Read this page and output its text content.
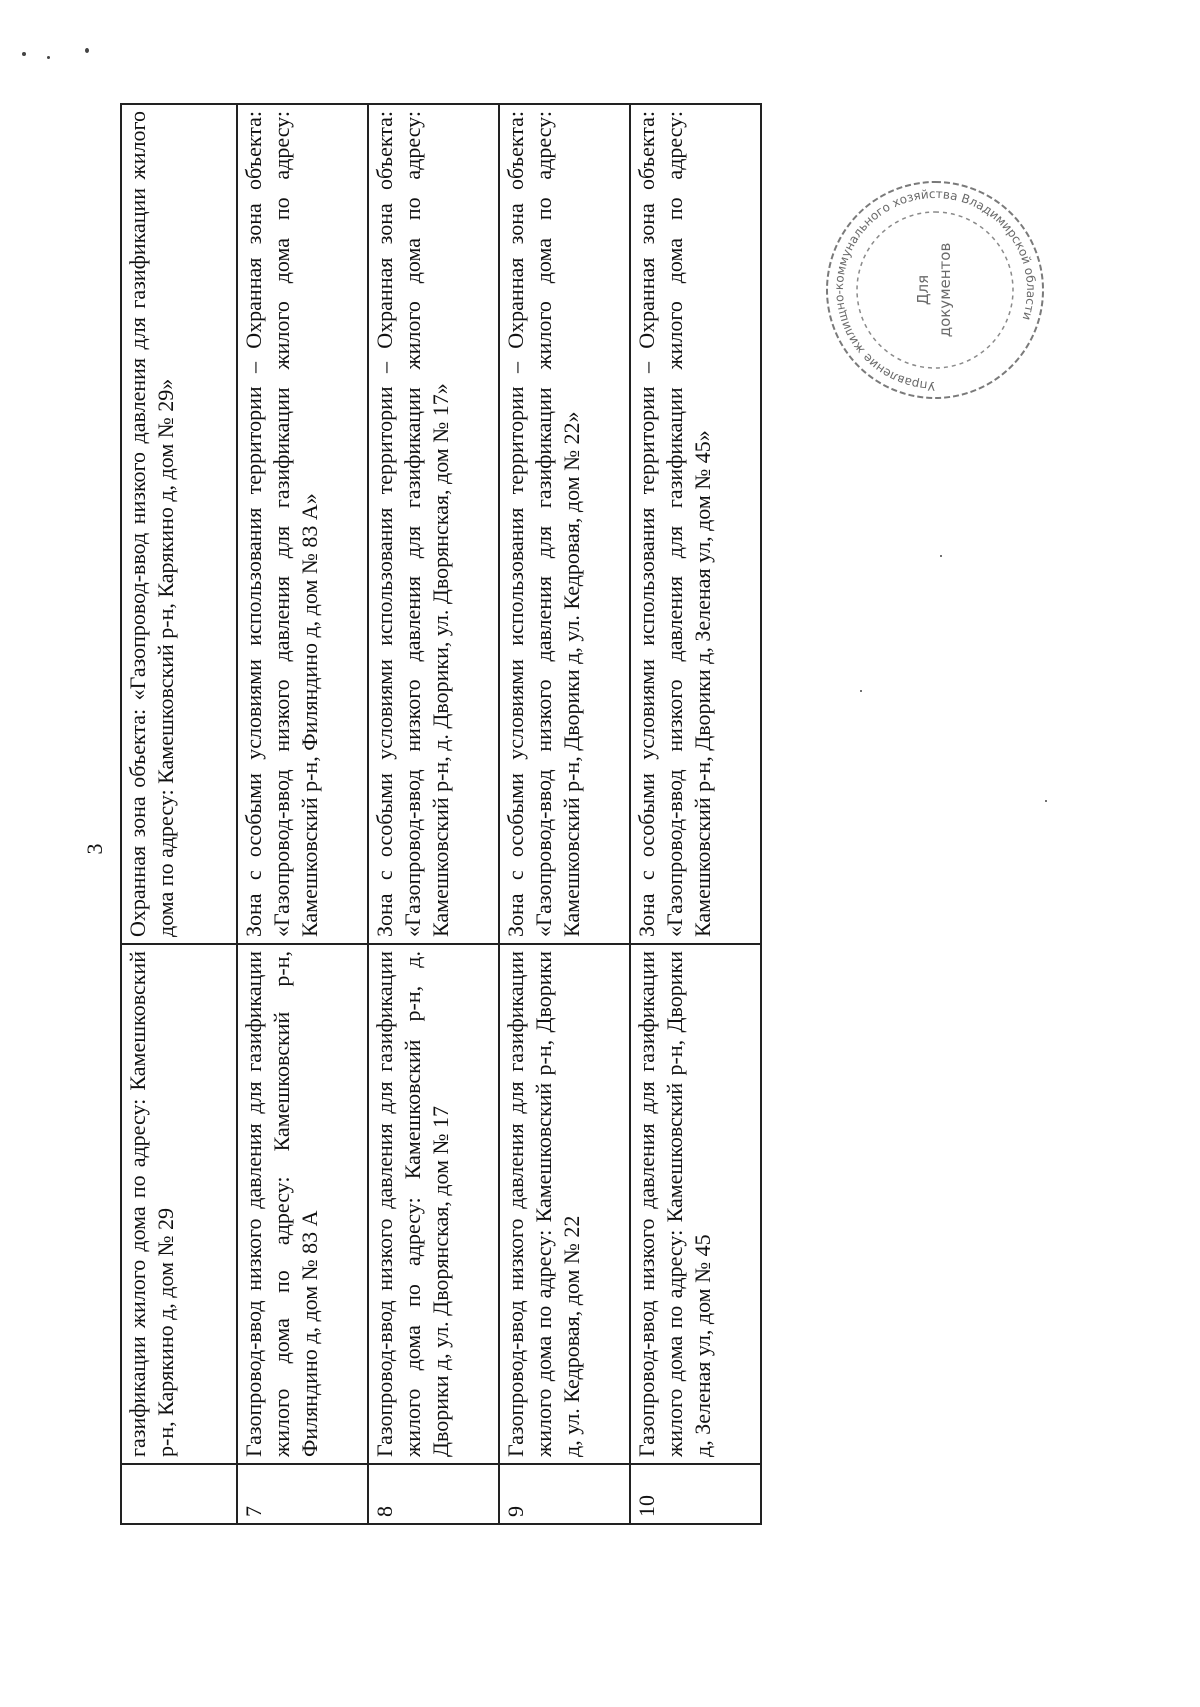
3
	газификации жилого дома по адресу: Камешковский р-н, Карякино д, дом № 29	Охранная зона объекта: «Газопровод-ввод низкого давления для газификации жилого дома по адресу: Камешковский р-н, Карякино д, дом № 29»
7	Газопровод-ввод низкого давления для газификации жилого дома по адресу: Камешковский р-н, Филяндино д, дом № 83 А	Зона с особыми условиями использования территории – Охранная зона объекта: «Газопровод-ввод низкого давления для газификации жилого дома по адресу: Камешковский р-н, Филяндино д, дом № 83 А»
8	Газопровод-ввод низкого давления для газификации жилого дома по адресу: Камешковский р-н, д. Дворики д, ул. Дворянская, дом № 17	Зона с особыми условиями использования территории – Охранная зона объекта: «Газопровод-ввод низкого давления для газификации жилого дома по адресу: Камешковский р-н, д. Дворики, ул. Дворянская, дом № 17»
9	Газопровод-ввод низкого давления для газификации жилого дома по адресу: Камешковский р-н, Дворики д, ул. Кедровая, дом № 22	Зона с особыми условиями использования территории – Охранная зона объекта: «Газопровод-ввод низкого давления для газификации жилого дома по адресу: Камешковский р-н, Дворики д, ул. Кедровая, дом № 22»
10	Газопровод-ввод низкого давления для газификации жилого дома по адресу: Камешковский р-н, Дворики д, Зеленая ул, дом № 45	Зона с особыми условиями использования территории – Охранная зона объекта: «Газопровод-ввод низкого давления для газификации жилого дома по адресу: Камешковский р-н, Дворики д, Зеленая ул, дом № 45»
Управление жилищно-коммунального хозяйства Владимирской области
Для документов
